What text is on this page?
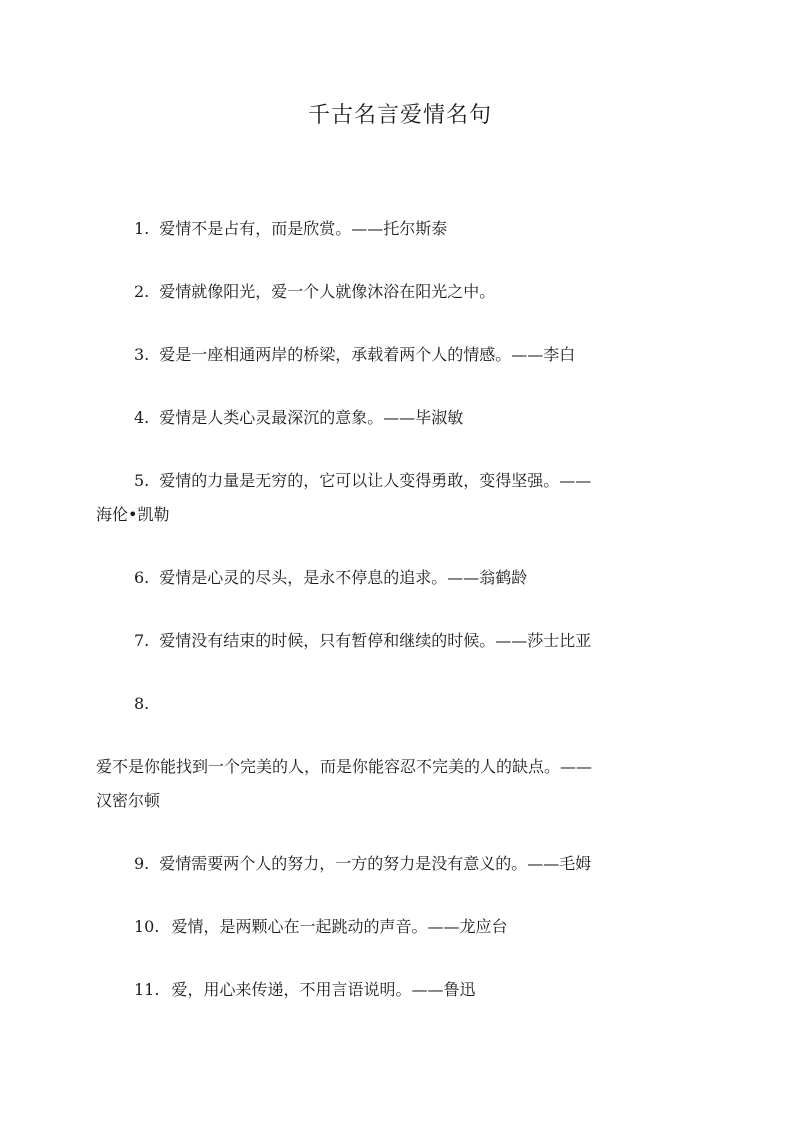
千古名言爱情名句
1. 爱情不是占有，而是欣赏。——托尔斯泰
2. 爱情就像阳光，爱一个人就像沐浴在阳光之中。
3. 爱是一座相通两岸的桥梁，承载着两个人的情感。——李白
4. 爱情是人类心灵最深沉的意象。——毕淑敏
5. 爱情的力量是无穷的，它可以让人变得勇敢，变得坚强。——
海伦•凯勒
6. 爱情是心灵的尽头，是永不停息的追求。——翁鹤龄
7. 爱情没有结束的时候，只有暂停和继续的时候。——莎士比亚
8.
爱不是你能找到一个完美的人，而是你能容忍不完美的人的缺点。——
汉密尔顿
9. 爱情需要两个人的努力，一方的努力是没有意义的。——毛姆
10. 爱情，是两颗心在一起跳动的声音。——龙应台
11. 爱，用心来传递，不用言语说明。——鲁迅
